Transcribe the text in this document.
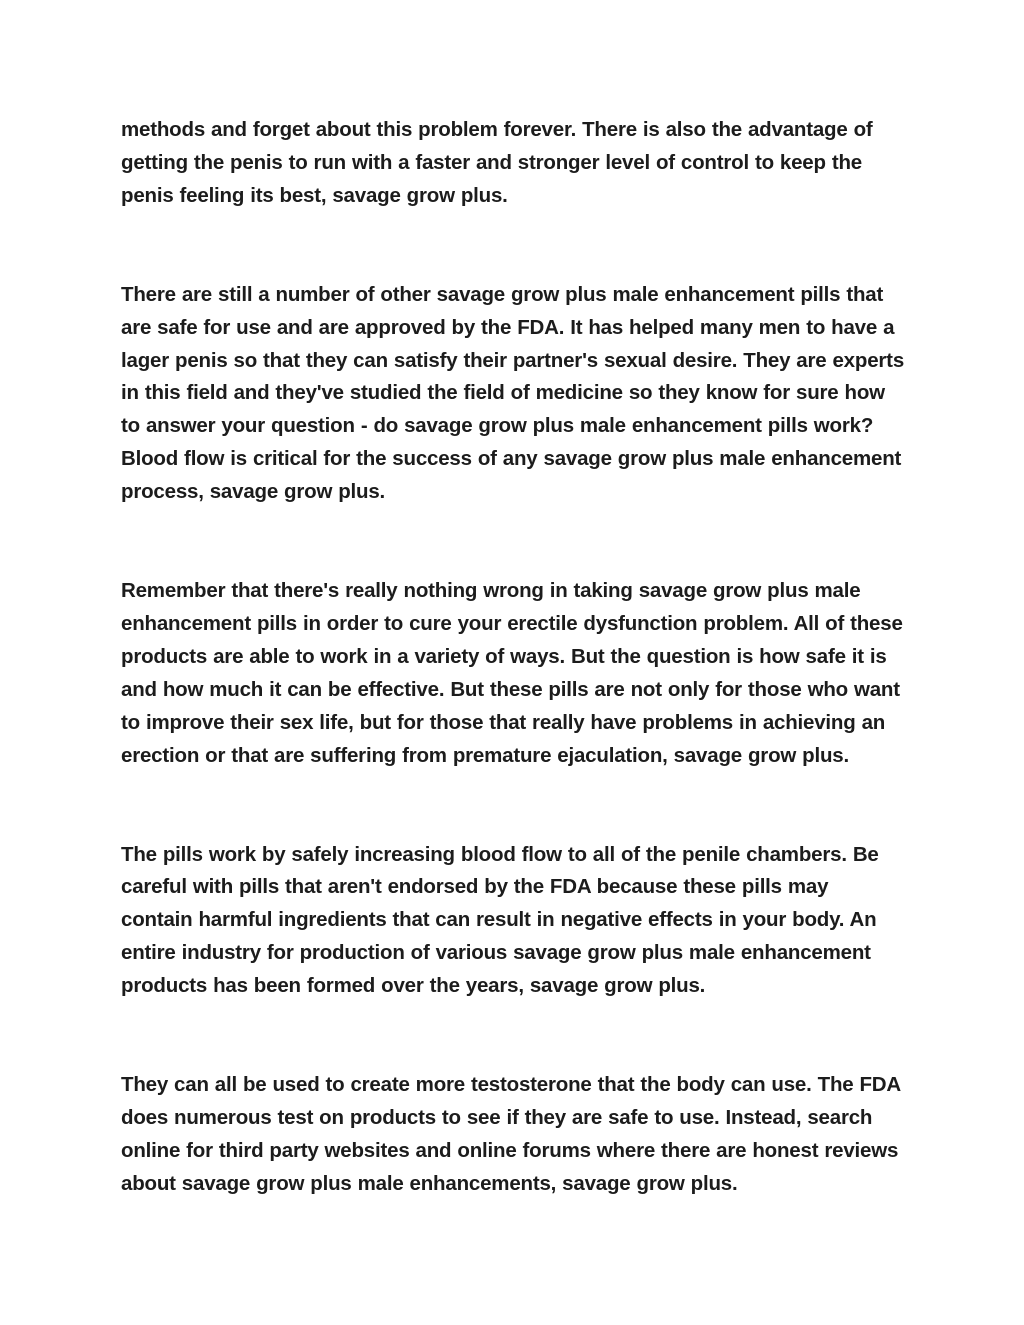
methods and forget about this problem forever. There is also the advantage of getting the penis to run with a faster and stronger level of control to keep the penis feeling its best, savage grow plus.

There are still a number of other savage grow plus male enhancement pills that are safe for use and are approved by the FDA. It has helped many men to have a lager penis so that they can satisfy their partner's sexual desire. They are experts in this field and they've studied the field of medicine so they know for sure how to answer your question - do savage grow plus male enhancement pills work? Blood flow is critical for the success of any savage grow plus male enhancement process, savage grow plus.

Remember that there's really nothing wrong in taking savage grow plus male enhancement pills in order to cure your erectile dysfunction problem. All of these products are able to work in a variety of ways. But the question is how safe it is and how much it can be effective. But these pills are not only for those who want to improve their sex life, but for those that really have problems in achieving an erection or that are suffering from premature ejaculation, savage grow plus.

The pills work by safely increasing blood flow to all of the penile chambers. Be careful with pills that aren't endorsed by the FDA because these pills may contain harmful ingredients that can result in negative effects in your body. An entire industry for production of various savage grow plus male enhancement products has been formed over the years, savage grow plus.

They can all be used to create more testosterone that the body can use. The FDA does numerous test on products to see if they are safe to use. Instead, search online for third party websites and online forums where there are honest reviews about savage grow plus male enhancements, savage grow plus.
